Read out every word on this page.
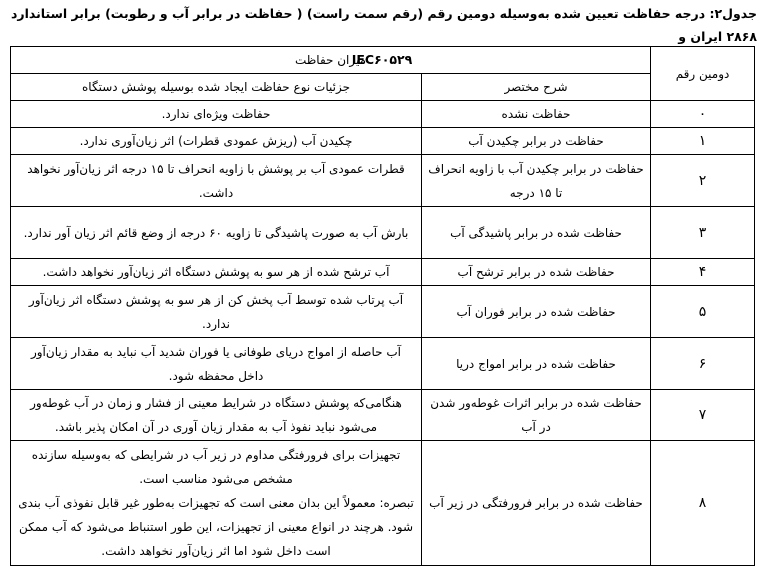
جدول۲: درجه حفاظت تعیین شده به‌وسیله دومین رقم (رقم سمت راست) ( حفاظت در برابر آب و رطوبت) برابر استاندارد ۲۸۶۸ ایران و
IEC۶۰۵۲۹
دومین رقم	میزان حفاظت	
	شرح مختصر	جزئیات نوع حفاظت ایجاد شده بوسیله پوشش دستگاه
۰	حفاظت نشده	حفاظت ویژه‌ای ندارد.
۱	حفاظت در برابر چکیدن آب	چکیدن آب (ریزش عمودی قطرات) اثر زیان‌آوری ندارد.
۲	حفاظت در برابر چکیدن آب با زاویه انحراف تا ۱۵ درجه	قطرات عمودی آب بر پوشش با زاویه انحراف تا ۱۵ درجه اثر زیان‌آور نخواهد داشت.
۳	حفاظت شده در برابر پاشیدگی آب	بارش آب به صورت پاشیدگی تا زاویه ۶۰ درجه از وضع قائم اثر زیان آور ندارد.
۴	حفاظت شده در برابر ترشح آب	آب ترشح شده از هر سو به پوشش دستگاه اثر زیان‌آور نخواهد داشت.
۵	حفاظت شده در برابر فوران آب	آب پرتاب شده توسط آب پخش کن از هر سو به پوشش دستگاه اثر زیان‌آور ندارد.
۶	حفاظت شده در برابر امواج دریا	آب حاصله از امواج دریای طوفانی یا فوران شدید آب نباید به مقدار زیان‌آور داخل محفظه شود.
۷	حفاظت شده در برابر اثرات غوطه‌ور شدن در آب	هنگامی‌که پوشش دستگاه در شرایط معینی از فشار و زمان در آب غوطه‌ور می‌شود نباید نفوذ آب به مقدار زیان آوری در آن امکان پذیر باشد.
۸	حفاظت شده در برابر فرورفتگی در زیر آب	تجهیزات برای فرورفتگی مداوم در زیر آب در شرایطی که به‌وسیله سازنده مشخص می‌شود مناسب است.
تبصره: معمولاً این بدان معنی است که تجهیزات به‌طور غیر قابل نفوذی آب بندی شود. هرچند در انواع معینی از تجهیزات، این طور استنباط می‌شود که آب ممکن است داخل شود اما اثر زیان‌آور نخواهد داشت.
